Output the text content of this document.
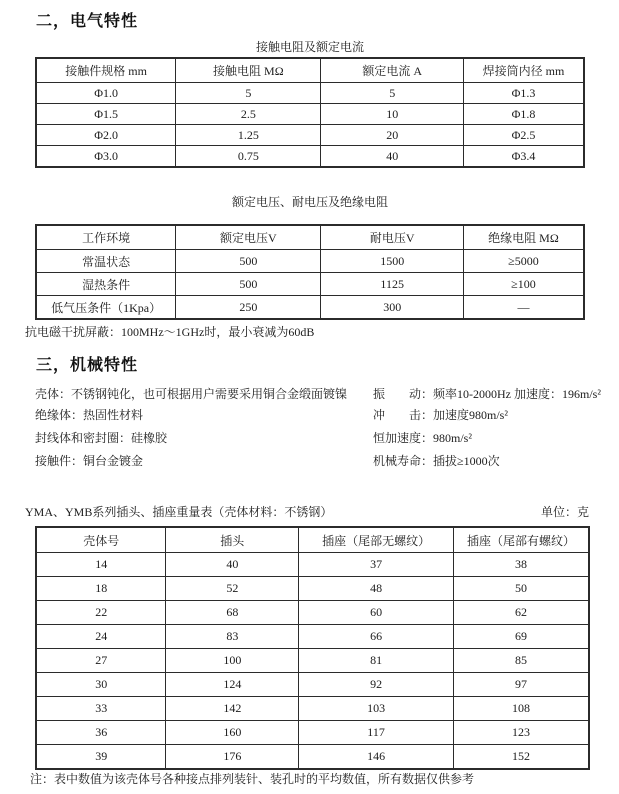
二，电气特性
接触电阻及额定电流
接触件规格 mm	接触电阻 MΩ	额定电流 A	焊接筒内径 mm
Φ1.0	5	5	Φ1.3
Φ1.5	2.5	10	Φ1.8
Φ2.0	1.25	20	Φ2.5
Φ3.0	0.75	40	Φ3.4
额定电压、耐电压及绝缘电阻
工作环境	额定电压V	耐电压V	绝缘电阻 MΩ
常温状态	500	1500	≥5000
湿热条件	500	1125	≥100
低气压条件（1Kpa）	250	300	—
抗电磁干扰屏蔽：100MHz～1GHz时，最小衰减为60dB
三，机械特性
壳体：不锈钢钝化，也可根据用户需要采用铜合金缎面镀镍
绝缘体：热固性材料
封线体和密封圈：硅橡胶
接触件：铜台金镀金
振　　动：频率10-2000Hz 加速度：196m/s²
冲　　击：加速度980m/s²
恒加速度：980m/s²
机械寿命：插拔≥1000次
YMA、YMB系列插头、插座重量表（壳体材料：不锈钢）	单位：克
壳体号	插头	插座（尾部无螺纹）	插座（尾部有螺纹）
14	40	37	38
18	52	48	50
22	68	60	62
24	83	66	69
27	100	81	85
30	124	92	97
33	142	103	108
36	160	117	123
39	176	146	152
注：表中数值为该壳体号各种接点排列装针、装孔时的平均数值，所有数据仅供参考
